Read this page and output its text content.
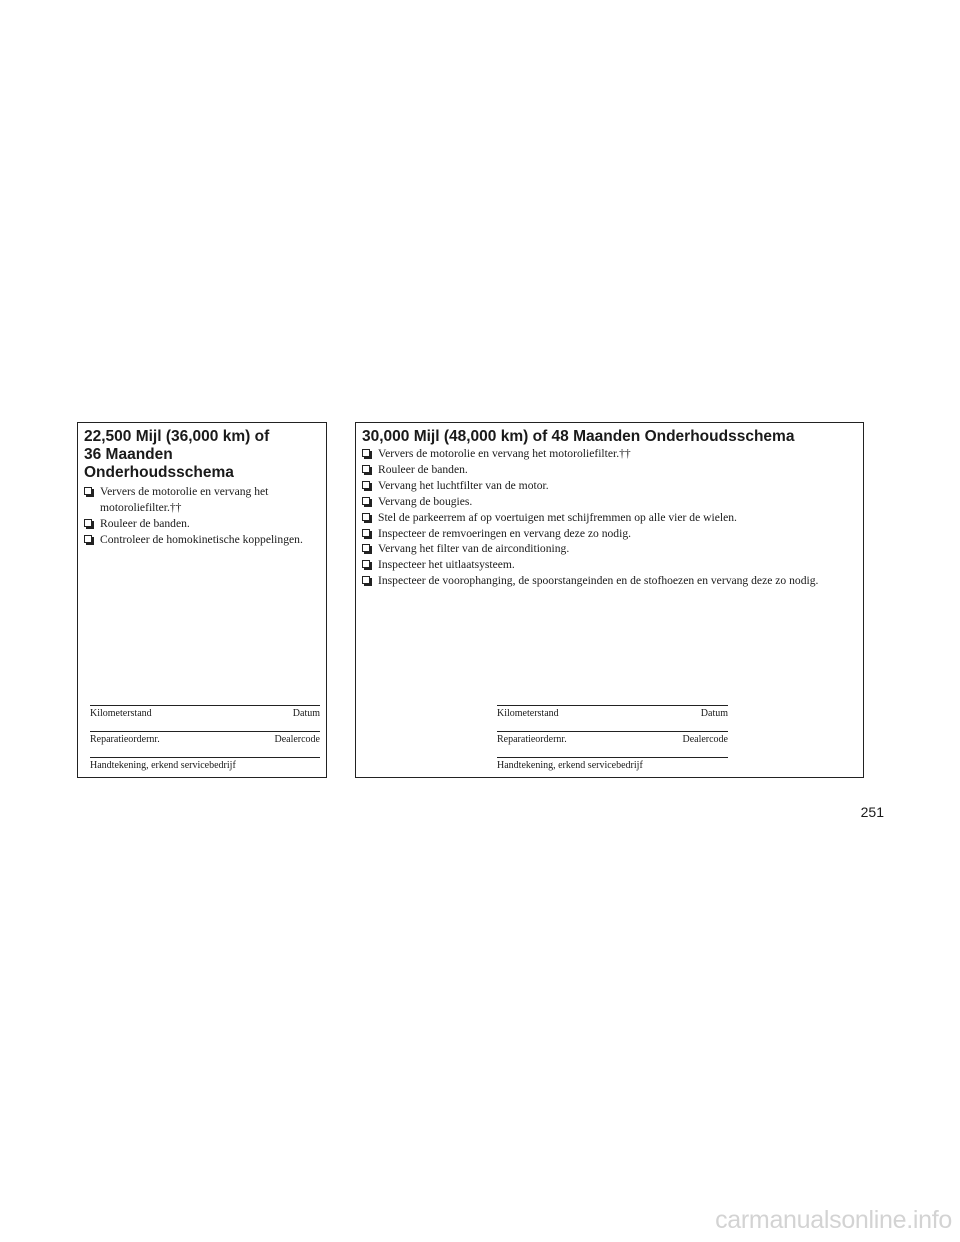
22,500 Mijl (36,000 km) of
36 Maanden
Onderhoudsschema
Ververs de motorolie en vervang het motoroliefilter.††
Rouleer de banden.
Controleer de homokinetische koppelingen.
Kilometerstand	Datum
Reparatieordernr.	Dealercode
Handtekening, erkend servicebedrijf
30,000 Mijl (48,000 km) of 48 Maanden Onderhoudsschema
Ververs de motorolie en vervang het motoroliefilter.††
Rouleer de banden.
Vervang het luchtfilter van de motor.
Vervang de bougies.
Stel de parkeerrem af op voertuigen met schijfremmen op alle vier de wielen.
Inspecteer de remvoeringen en vervang deze zo nodig.
Vervang het filter van de airconditioning.
Inspecteer het uitlaatsysteem.
Inspecteer de voorophanging, de spoorstangeinden en de stofhoezen en vervang deze zo nodig.
Kilometerstand	Datum
Reparatieordernr.	Dealercode
Handtekening, erkend servicebedrijf
251
carmanualsonline.info
